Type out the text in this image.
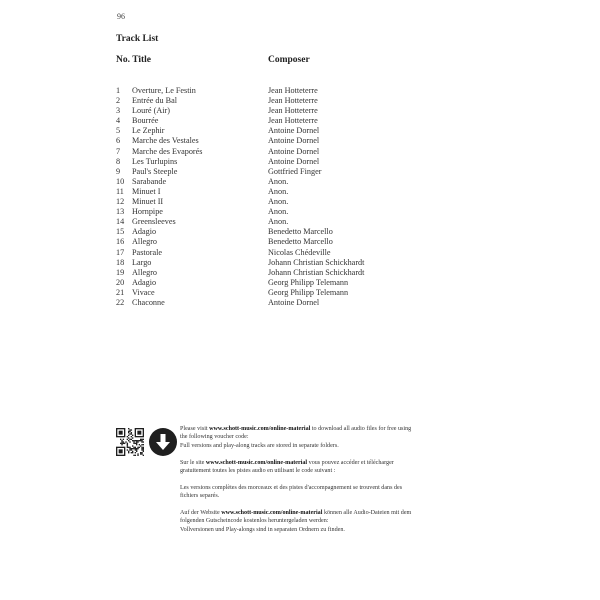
96
Track List
No. Title	Composer
1	Overture, Le Festin	Jean Hotteterre
2	Entrée du Bal	Jean Hotteterre
3	Louré (Air)	Jean Hotteterre
4	Bourrée	Jean Hotteterre
5	Le Zephir	Antoine Dornel
6	Marche des Vestales	Antoine Dornel
7	Marche des Evaporés	Antoine Dornel
8	Les Turlupins	Antoine Dornel
9	Paul's Steeple	Gottfried Finger
10 Sarabande	Anon.
11 Minuet I	Anon.
12 Minuet II	Anon.
13 Hornpipe	Anon.
14 Greensleeves	Anon.
15 Adagio	Benedetto Marcello
16 Allegro	Benedetto Marcello
17 Pastorale	Nicolas Chédeville
18 Largo	Johann Christian Schickhardt
19 Allegro	Johann Christian Schickhardt
20 Adagio	Georg Philipp Telemann
21 Vivace	Georg Philipp Telemann
22 Chaconne	Antoine Dornel

Please visit www.schott-music.com/online-material to download all audio files for free using the following voucher code:
Full versions and play-along tracks are stored in separate folders.

Sur le site www.schott-music.com/online-material vous pouvez accéder et télécharger gratuitement toutes les pistes audio en utilisant le code suivant :

Les versions complètes des morceaux et des pistes d'accompagnement se trouvent dans des fichiers separés.

Auf der Website www.schott-music.com/online-material können alle Audio-Dateien mit dem folgenden Gutscheincode kostenlos heruntergeladen werden:
Vollversionen und Play-alongs sind in separaten Ordnern zu finden.
